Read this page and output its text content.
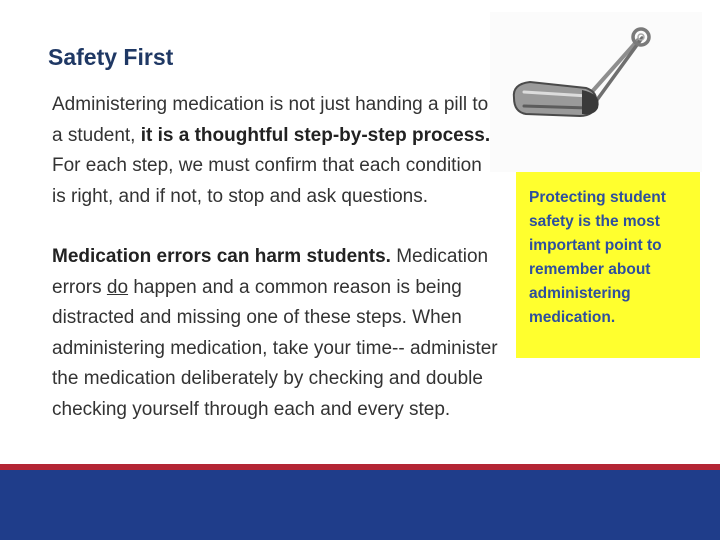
Safety First

Administering medication is not just handing a pill to a student, it is a thoughtful step-by-step process. For each step, we must confirm that each condition is right, and if not, to stop and ask questions.

Medication errors can harm students. Medication errors do happen and a common reason is being distracted and missing one of these steps. When administering medication, take your time-- administer the medication deliberately by checking and double checking yourself through each and every step.

Protecting student safety is the most important point to remember about administering medication.
